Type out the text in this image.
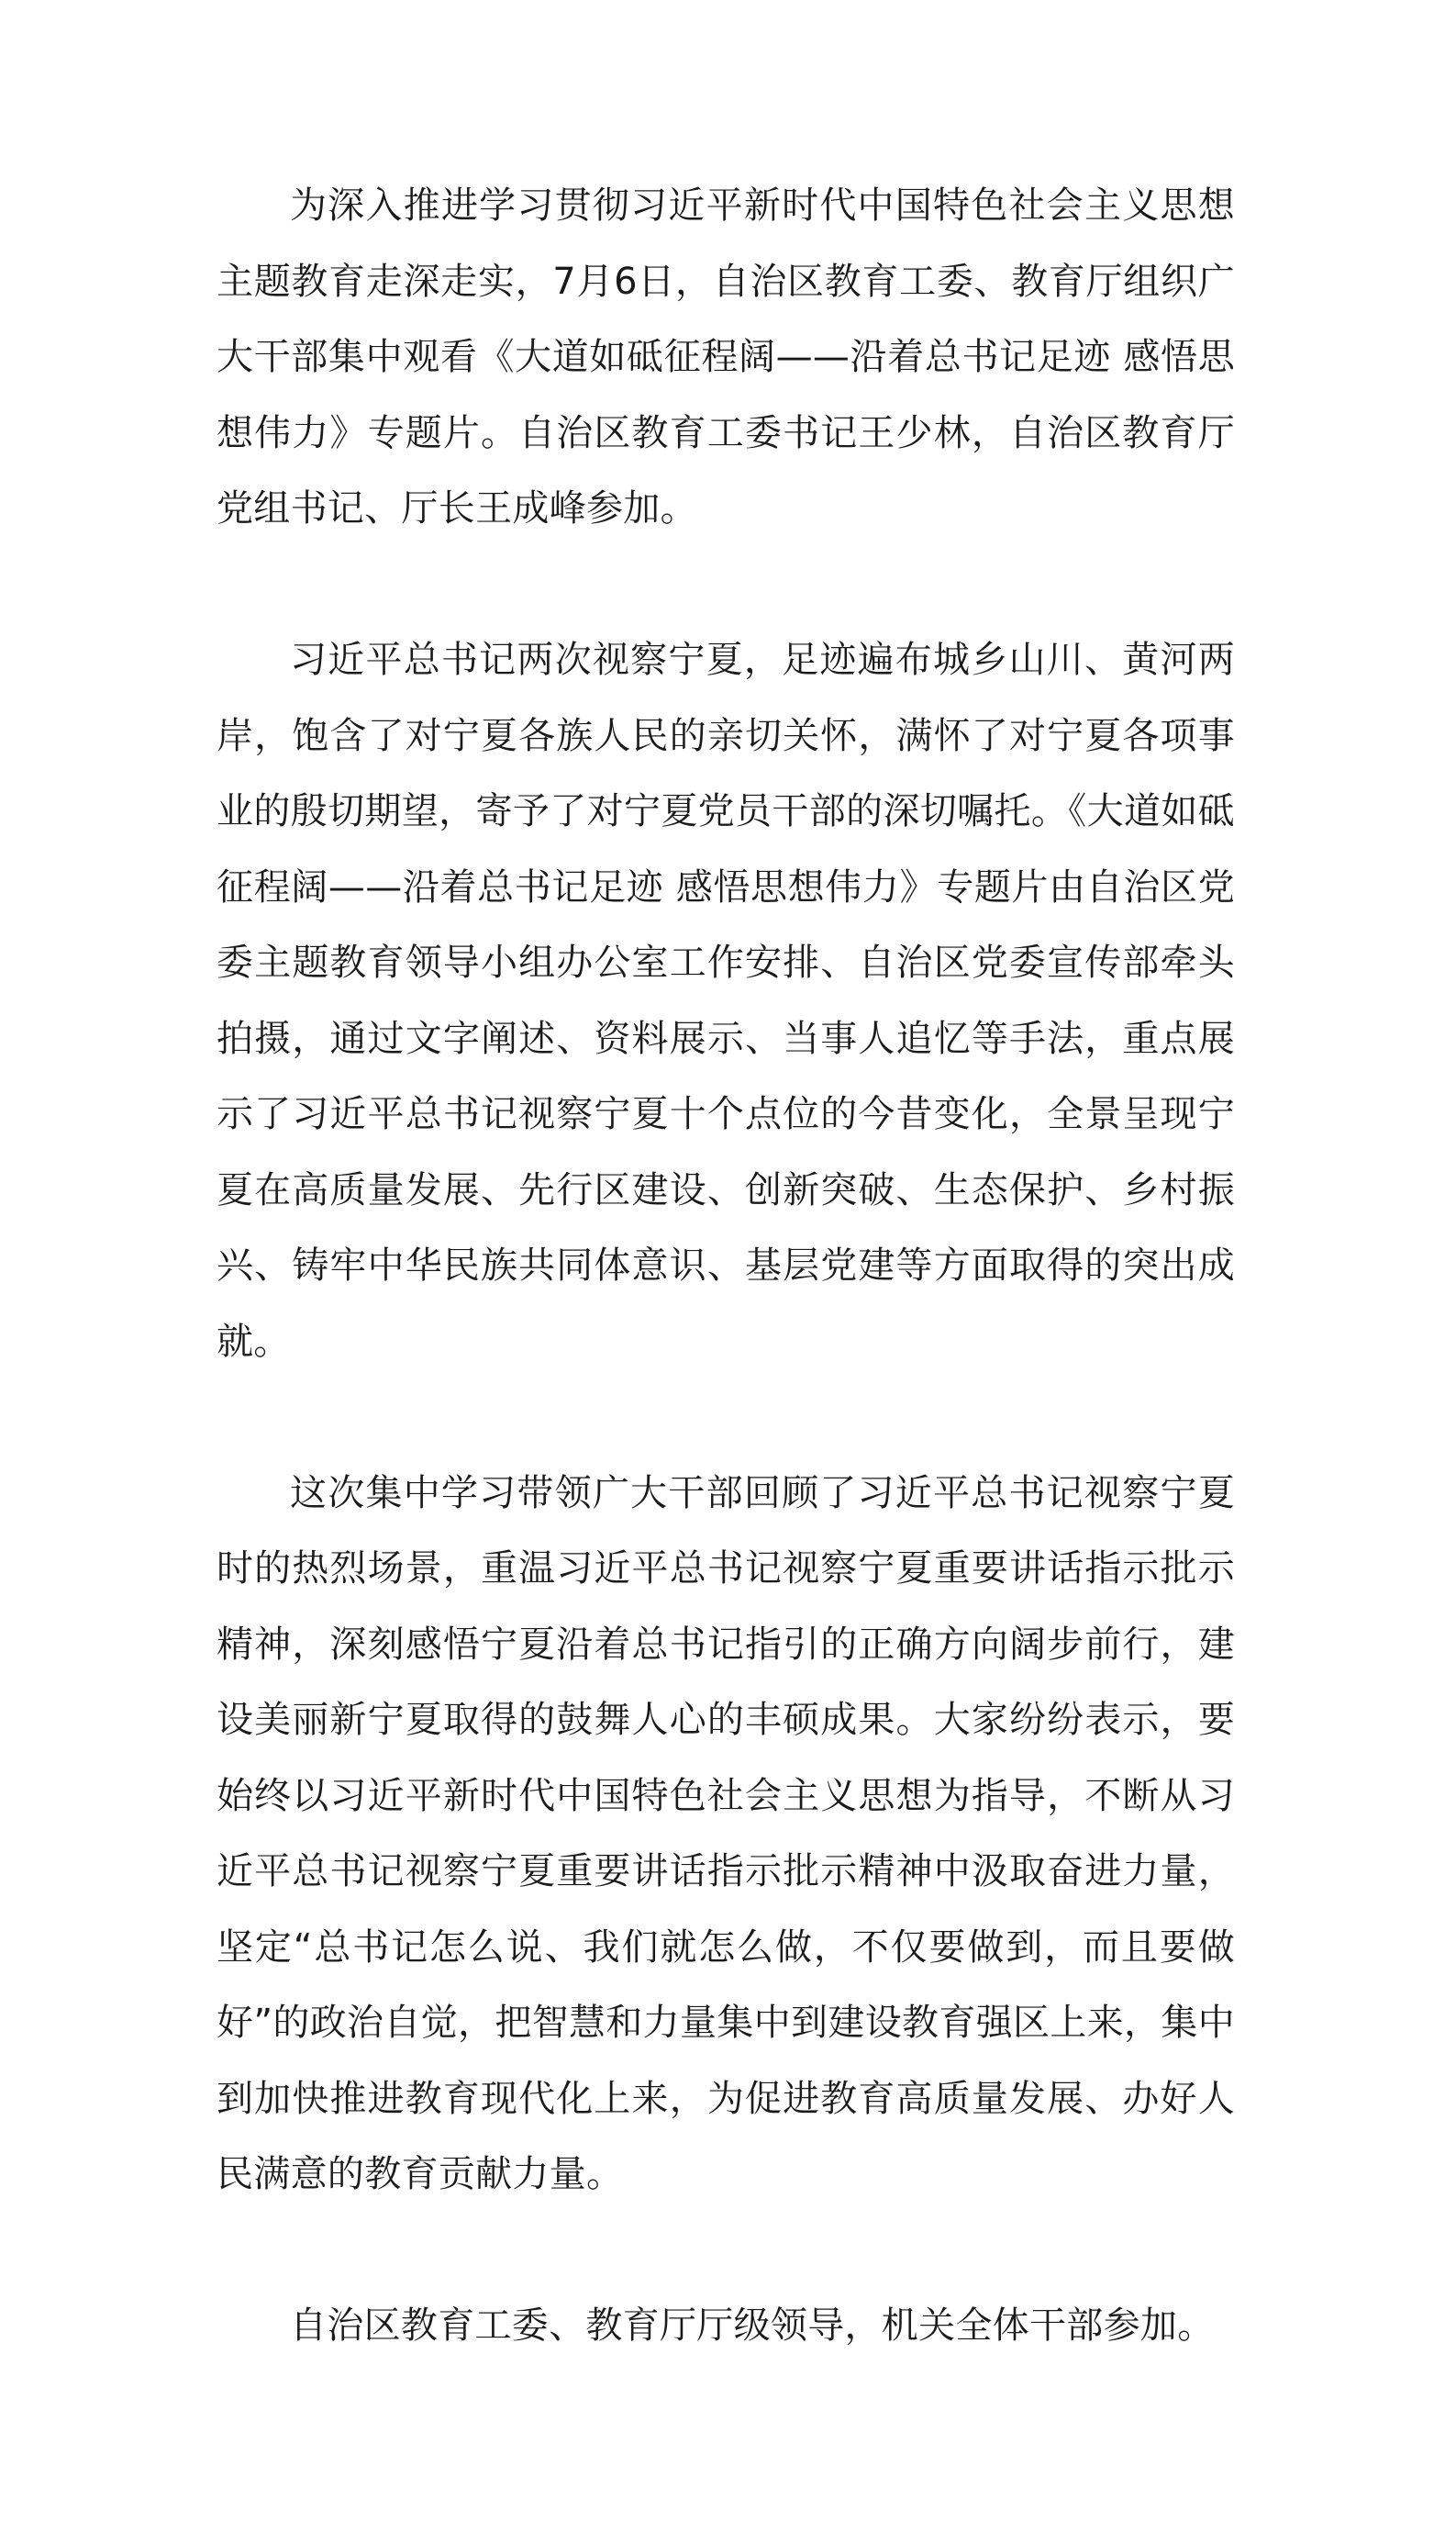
为深入推进学习贯彻习近平新时代中国特色社会主义思想主题教育走深走实，7月6日，自治区教育工委、教育厅组织广大干部集中观看《大道如砥征程阔——沿着总书记足迹 感悟思想伟力》专题片。自治区教育工委书记王少林，自治区教育厅党组书记、厅长王成峰参加。

习近平总书记两次视察宁夏，足迹遍布城乡山川、黄河两岸，饱含了对宁夏各族人民的亲切关怀，满怀了对宁夏各项事业的殷切期望，寄予了对宁夏党员干部的深切嘱托。《大道如砥征程阔——沿着总书记足迹 感悟思想伟力》专题片由自治区党委主题教育领导小组办公室工作安排、自治区党委宣传部牵头拍摄，通过文字阐述、资料展示、当事人追忆等手法，重点展示了习近平总书记视察宁夏十个点位的今昔变化，全景呈现宁夏在高质量发展、先行区建设、创新突破、生态保护、乡村振兴、铸牢中华民族共同体意识、基层党建等方面取得的突出成就。

这次集中学习带领广大干部回顾了习近平总书记视察宁夏时的热烈场景，重温习近平总书记视察宁夏重要讲话指示批示精神，深刻感悟宁夏沿着总书记指引的正确方向阔步前行，建设美丽新宁夏取得的鼓舞人心的丰硕成果。大家纷纷表示，要始终以习近平新时代中国特色社会主义思想为指导，不断从习近平总书记视察宁夏重要讲话指示批示精神中汲取奋进力量，坚定“总书记怎么说、我们就怎么做，不仅要做到，而且要做好”的政治自觉，把智慧和力量集中到建设教育强区上来，集中到加快推进教育现代化上来，为促进教育高质量发展、办好人民满意的教育贡献力量。

自治区教育工委、教育厅厅级领导，机关全体干部参加。
